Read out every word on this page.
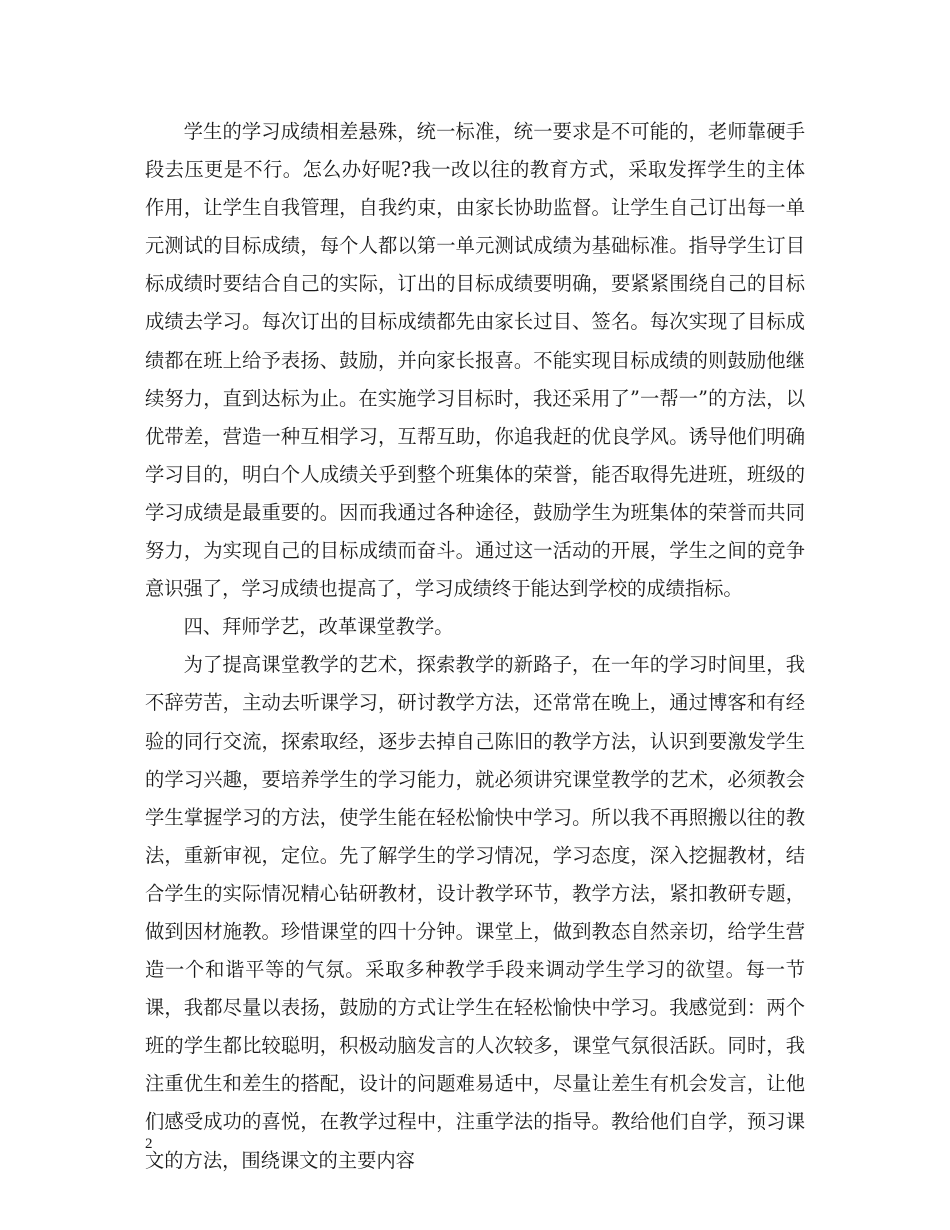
学生的学习成绩相差悬殊，统一标准，统一要求是不可能的，老师靠硬手段去压更是不行。怎么办好呢?我一改以往的教育方式，采取发挥学生的主体作用，让学生自我管理，自我约束，由家长协助监督。让学生自己订出每一单元测试的目标成绩，每个人都以第一单元测试成绩为基础标准。指导学生订目标成绩时要结合自己的实际，订出的目标成绩要明确，要紧紧围绕自己的目标成绩去学习。每次订出的目标成绩都先由家长过目、签名。每次实现了目标成绩都在班上给予表扬、鼓励，并向家长报喜。不能实现目标成绩的则鼓励他继续努力，直到达标为止。在实施学习目标时，我还采用了”一帮一”的方法，以优带差，营造一种互相学习，互帮互助，你追我赶的优良学风。诱导他们明确学习目的，明白个人成绩关乎到整个班集体的荣誉，能否取得先进班，班级的学习成绩是最重要的。因而我通过各种途径，鼓励学生为班集体的荣誉而共同努力，为实现自己的目标成绩而奋斗。通过这一活动的开展，学生之间的竞争意识强了，学习成绩也提高了，学习成绩终于能达到学校的成绩指标。

四、拜师学艺，改革课堂教学。

为了提高课堂教学的艺术，探索教学的新路子，在一年的学习时间里，我不辞劳苦，主动去听课学习，研讨教学方法，还常常在晚上，通过博客和有经验的同行交流，探索取经，逐步去掉自己陈旧的教学方法，认识到要激发学生的学习兴趣，要培养学生的学习能力，就必须讲究课堂教学的艺术，必须教会学生掌握学习的方法，使学生能在轻松愉快中学习。所以我不再照搬以往的教法，重新审视，定位。先了解学生的学习情况，学习态度，深入挖掘教材，结合学生的实际情况精心钻研教材，设计教学环节，教学方法，紧扣教研专题，做到因材施教。珍惜课堂的四十分钟。课堂上，做到教态自然亲切，给学生营造一个和谐平等的气氛。采取多种教学手段来调动学生学习的欲望。每一节课，我都尽量以表扬，鼓励的方式让学生在轻松愉快中学习。我感觉到：两个班的学生都比较聪明，积极动脑发言的人次较多，课堂气氛很活跃。同时，我注重优生和差生的搭配，设计的问题难易适中，尽量让差生有机会发言，让他们感受成功的喜悦，在教学过程中，注重学法的指导。教给他们自学，预习课文的方法，围绕课文的主要内容

2
